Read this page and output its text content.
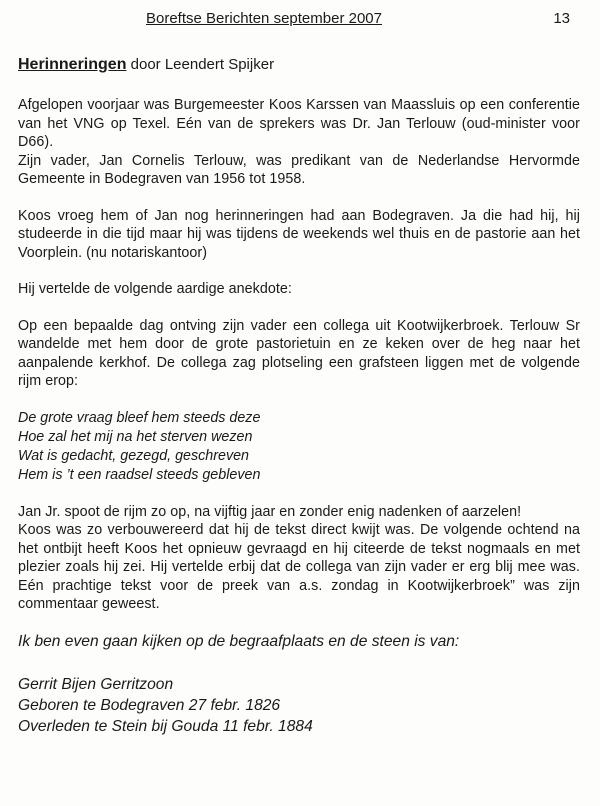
Boreftse Berichten september 2007	13
Herinneringen door Leendert Spijker

Afgelopen voorjaar was Burgemeester Koos Karssen van Maassluis op een conferentie van het VNG op Texel. Eén van de sprekers was Dr. Jan Terlouw (oud-minister voor D66).

Zijn vader, Jan Cornelis Terlouw, was predikant van de Nederlandse Hervormde Gemeente in Bodegraven van 1956 tot 1958.

Koos vroeg hem of Jan nog herinneringen had aan Bodegraven. Ja die had hij, hij studeerde in die tijd maar hij was tijdens de weekends wel thuis en de pastorie aan het Voorplein. (nu notariskantoor)

Hij vertelde de volgende aardige anekdote:

Op een bepaalde dag ontving zijn vader een collega uit Kootwijkerbroek. Terlouw Sr wandelde met hem door de grote pastorietuin en ze keken over de heg naar het aanpalende kerkhof. De collega zag plotseling een grafsteen liggen met de volgende rijm erop:

De grote vraag bleef hem steeds deze
Hoe zal het mij na het sterven wezen
Wat is gedacht, gezegd, geschreven
Hem is ’t een raadsel steeds gebleven

Jan Jr. spoot de rijm zo op, na vijftig jaar en zonder enig nadenken of aarzelen!

Koos was zo verbouwereerd dat hij de tekst direct kwijt was. De volgende ochtend na het ontbijt heeft Koos het opnieuw gevraagd en hij citeerde de tekst nogmaals en met plezier zoals hij zei. Hij vertelde erbij dat de collega van zijn vader er erg blij mee was. Eén prachtige tekst voor de preek van a.s. zondag in Kootwijkerbroek” was zijn commentaar geweest.

Ik ben even gaan kijken op de begraafplaats en de steen is van:
Gerrit Bijen Gerritzoon
Geboren te Bodegraven 27 febr. 1826
Overleden te Stein bij Gouda 11 febr. 1884
